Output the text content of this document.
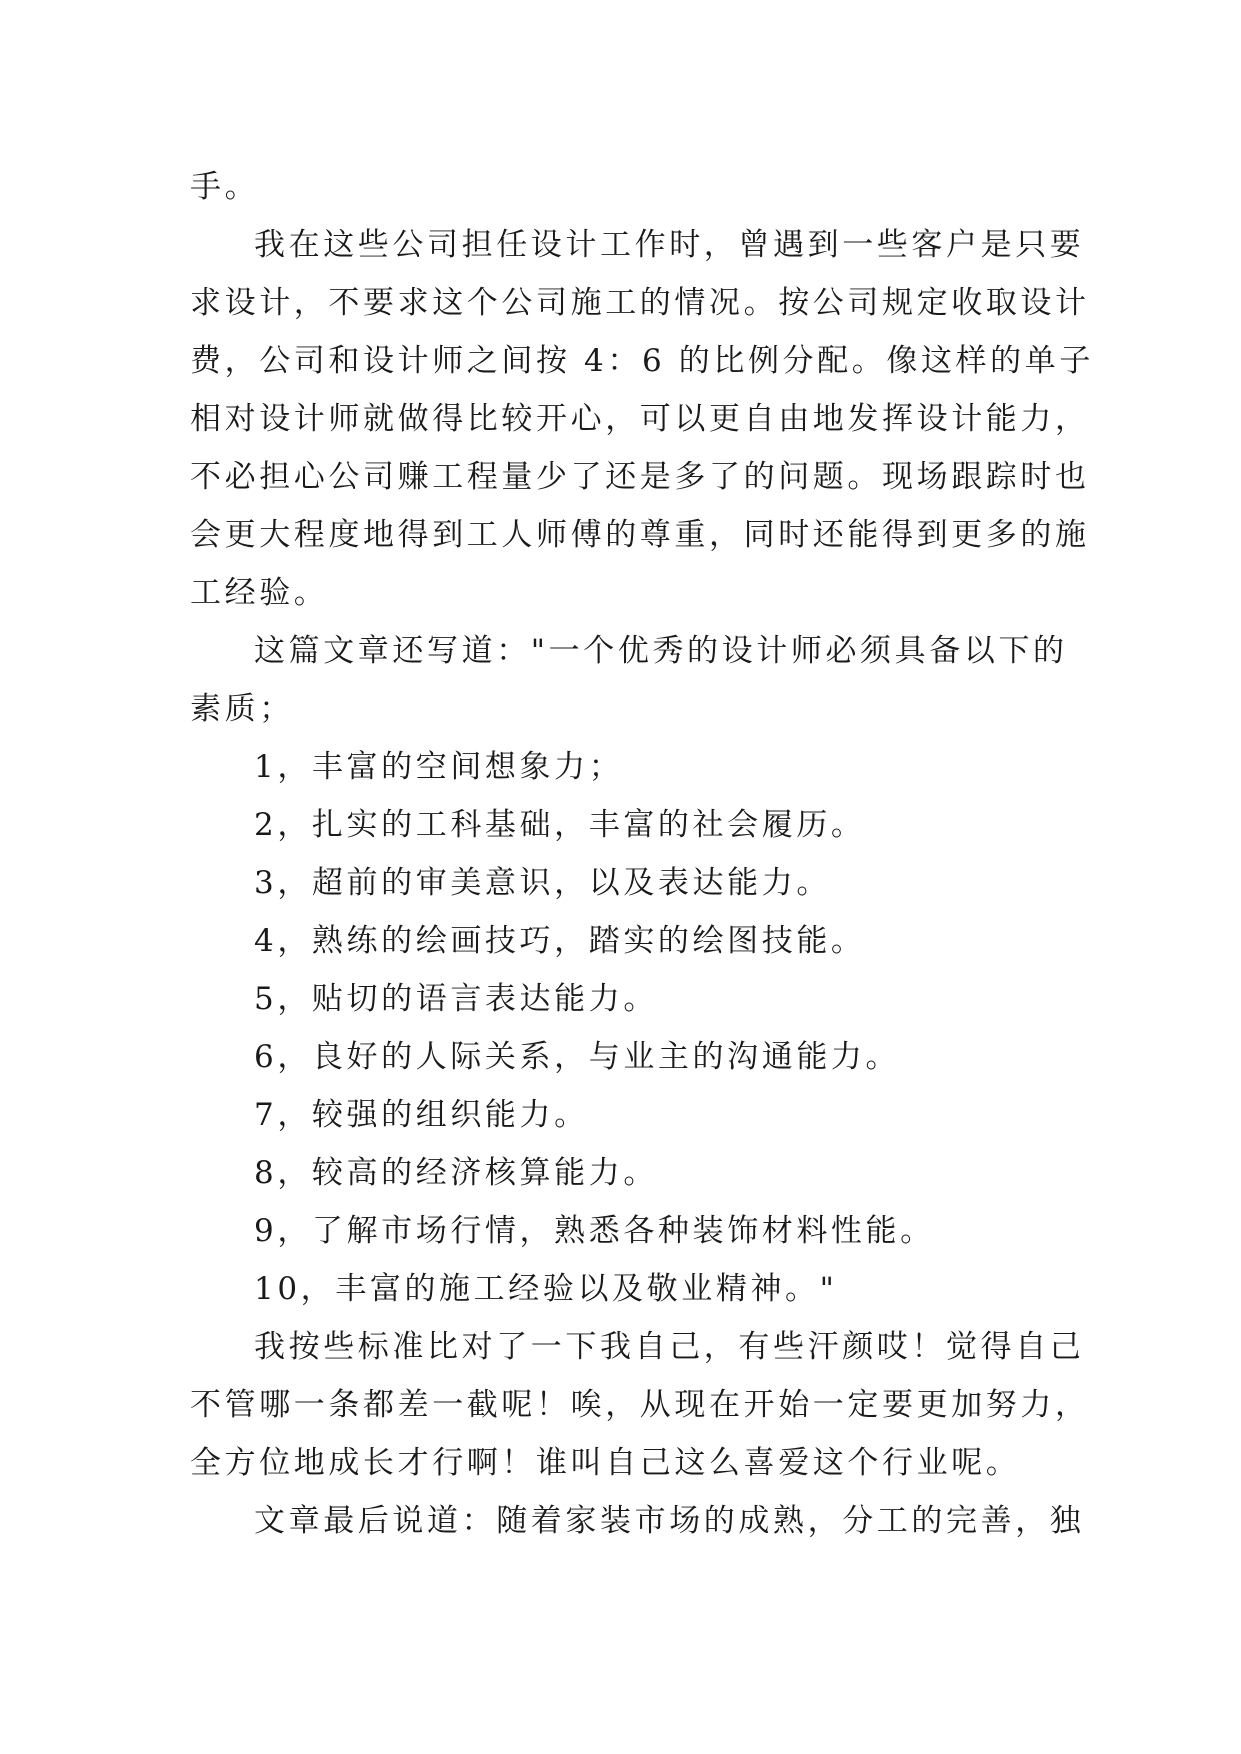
手。
我在这些公司担任设计工作时，曾遇到一些客户是只要
求设计，不要求这个公司施工的情况。按公司规定收取设计
费，公司和设计师之间按 4：6 的比例分配。像这样的单子
相对设计师就做得比较开心，可以更自由地发挥设计能力，
不必担心公司赚工程量少了还是多了的问题。现场跟踪时也
会更大程度地得到工人师傅的尊重，同时还能得到更多的施
工经验。
这篇文章还写道："一个优秀的设计师必须具备以下的
素质；
1，丰富的空间想象力；
2，扎实的工科基础，丰富的社会履历。
3，超前的审美意识，以及表达能力。
4，熟练的绘画技巧，踏实的绘图技能。
5，贴切的语言表达能力。
6，良好的人际关系，与业主的沟通能力。
7，较强的组织能力。
8，较高的经济核算能力。
9，了解市场行情，熟悉各种装饰材料性能。
10，丰富的施工经验以及敬业精神。"
我按些标准比对了一下我自己，有些汗颜哎！觉得自己
不管哪一条都差一截呢！唉，从现在开始一定要更加努力，
全方位地成长才行啊！谁叫自己这么喜爱这个行业呢。
文章最后说道：随着家装市场的成熟，分工的完善，独
